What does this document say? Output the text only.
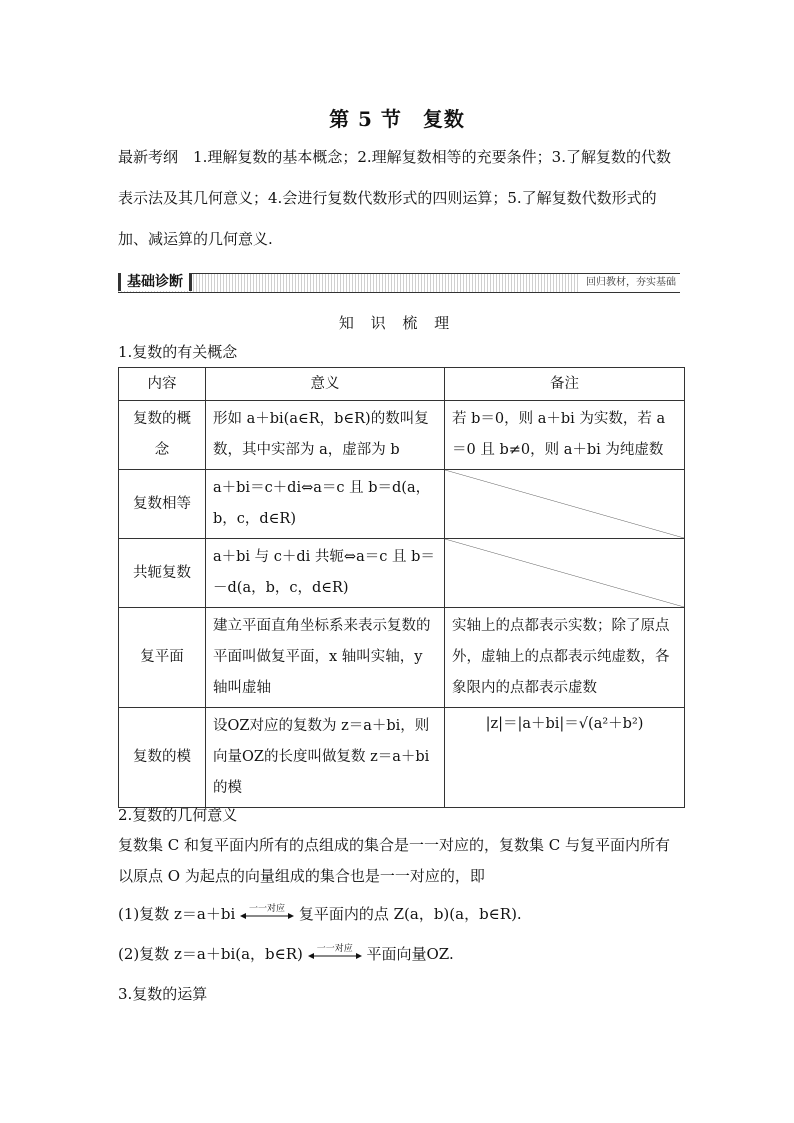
第 5 节　复数
最新考纲　 1.理解复数的基本概念；2.理解复数相等的充要条件；3.了解复数的代数表示法及其几何意义；4.会进行复数代数形式的四则运算；5.了解复数代数形式的加、减运算的几何意义.
基础诊断	回归教材，夯实基础
知 识 梳 理
1.复数的有关概念
内容	意义	备注
复数的概念	形如 a＋bi(a∈R，b∈R)的数叫复数，其中实部为 a，虚部为 b	若 b＝0，则 a＋bi 为实数，若 a＝0 且 b≠0，则 a＋bi 为纯虚数
复数相等	a＋bi＝c＋di⇔a＝c 且 b＝d(a，b，c，d∈R)	

共轭复数	a＋bi 与 c＋di 共轭⇔a＝c 且 b＝－d(a，b，c，d∈R)	

复平面	建立平面直角坐标系来表示复数的平面叫做复平面，x 轴叫实轴，y 轴叫虚轴	实轴上的点都表示实数；除了原点外，虚轴上的点都表示纯虚数，各象限内的点都表示虚数
复数的模	设OZ对应的复数为 z＝a＋bi，则向量OZ的长度叫做复数 z＝a＋bi 的模	|z|＝|a＋bi|＝√(a²＋b²)
2.复数的几何意义
复数集 C 和复平面内所有的点组成的集合是一一对应的，复数集 C 与复平面内所有以原点 O 为起点的向量组成的集合也是一一对应的，即
(1)复数 z＝a＋bi	一一对应 复平面内的点 Z(a，b)(a，b∈R).
(2)复数 z＝a＋bi(a，b∈R)	一一对应 平面向量OZ.
3.复数的运算
